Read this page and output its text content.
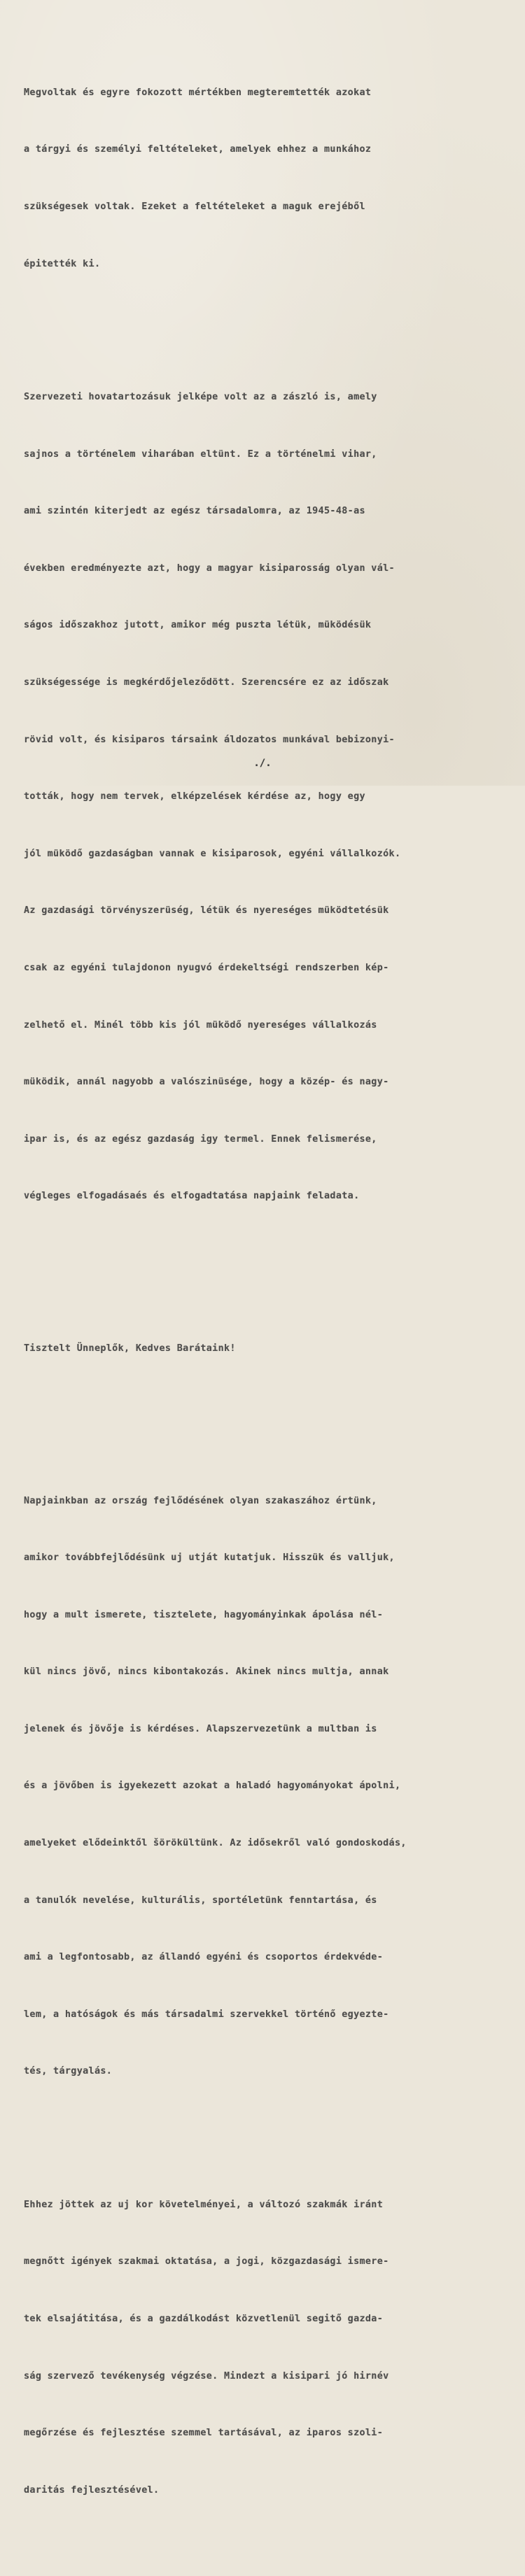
Megvoltak és egyre fokozott mértékben megteremtették azokat

a tárgyi és személyi feltételeket, amelyek ehhez a munkához

szükségesek voltak. Ezeket a feltételeket a maguk erejéből

épitették ki.

Szervezeti hovatartozásuk jelképe volt az a zászló is, amely

sajnos a történelem viharában eltünt. Ez a történelmi vihar,

ami szintén kiterjedt az egész társadalomra, az 1945-48-as

években eredményezte azt, hogy a magyar kisiparosság olyan vál-

ságos időszakhoz jutott, amikor még puszta létük, müködésük

szükségessége is megkérdőjeleződött. Szerencsére ez az időszak

rövid volt, és kisiparos társaink áldozatos munkával bebizonyi-

tották, hogy nem tervek, elképzelések kérdése az, hogy egy

jól müködő gazdaságban vannak e kisiparosok, egyéni vállalkozók.

Az gazdasági törvényszerüség, létük és nyereséges müködtetésük

csak az egyéni tulajdonon nyugvó érdekeltségi rendszerben kép-

zelhető el. Minél több kis jól müködő nyereséges vállalkozás

müködik, annál nagyobb a valószinüsége, hogy a közép- és nagy-

ipar is, és az egész gazdaság igy termel. Ennek felismerése,

végleges elfogadásaés és elfogadtatása napjaink feladata.

Tisztelt Ünneplők, Kedves Barátaink!

Napjainkban az ország fejlődésének olyan szakaszához értünk,

amikor továbbfejlődésünk uj utját kutatjuk. Hisszük és valljuk,

hogy a mult ismerete, tisztelete, hagyományinkak ápolása nél-

kül nincs jövő, nincs kibontakozás. Akinek nincs multja, annak

jelenek és jövője is kérdéses. Alapszervezetünk a multban is

és a jövőben is igyekezett azokat a haladó hagyományokat ápolni,

amelyeket elődeinktől šörökültünk. Az idősekről való gondoskodás,

a tanulók nevelése, kulturális, sportéletünk fenntartása, és

ami a legfontosabb, az állandó egyéni és csoportos érdekvéde-

lem, a hatóságok és más társadalmi szervekkel történő egyezte-

tés, tárgyalás.

Ehhez jöttek az uj kor követelményei, a változó szakmák iránt

megnőtt igények szakmai oktatása, a jogi, közgazdasági ismere-

tek elsajátitása, és a gazdálkodást közvetlenül segitő gazda-

ság szervező tevékenység végzése. Mindezt a kisipari jó hirnév

megőrzése és fejlesztése szemmel tartásával, az iparos szoli-

daritás fejlesztésével.

./.
